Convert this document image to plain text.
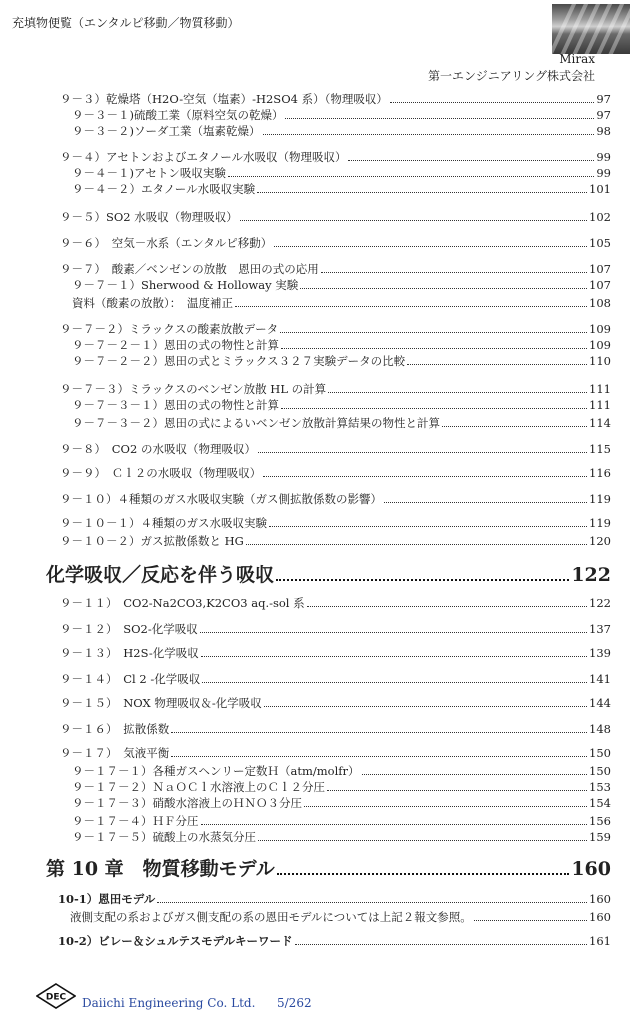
充填物便覧（エンタルピ移動／物質移動）
Mirax
第一エンジニアリング株式会社
９－３）乾燥塔（H2O-空気（塩素）-H2SO4 系）（物理吸収）	97
９－３－１)硫酸工業（原料空気の乾燥）	97
９－３－２)ソーダ工業（塩素乾燥）	98
９－４）アセトンおよびエタノール水吸収（物理吸収）	99
９－４－１)アセトン吸収実験	99
９－４－２）エタノール水吸収実験	101
９－５）SO2 水吸収（物理吸収）	102
９－６）　空気－水系（エンタルピ移動）	105
９－７）　酸素／ベンゼンの放散　恩田の式の応用	107
９－７－１）Sherwood & Holloway 実験	107
資料（酸素の放散）：　温度補正	108
９－７－２）ミラックスの酸素放散データ	109
９－７－２－１）恩田の式の物性と計算	109
９－７－２－２）恩田の式とミラックス３２７実験データの比較	110
９－７－３）ミラックスのベンゼン放散 HL の計算	111
９－７－３－１）恩田の式の物性と計算	111
９－７－３－２）恩田の式によるいベンゼン放散計算結果の物性と計算	114
９－８）　CO2 の水吸収（物理吸収）	115
９－９）　Ｃｌ２の水吸収（物理吸収）	116
９－１０）４種類のガス水吸収実験（ガス側拡散係数の影響）	119
９－１０－１）４種類のガス水吸収実験	119
９－１０－２）ガス拡散係数と HG	120
化学吸収／反応を伴う吸収	122
９－１１）　CO2-Na2CO3,K2CO3 aq.-sol 系	122
９－１２）　SO2-化学吸収	137
９－１３）　H2S-化学吸収	139
９－１４）　Cl 2 -化学吸収	141
９－１５）　NOX 物理吸収＆-化学吸収	144
９－１６）　拡散係数	148
９－１７）　気液平衡	150
９－１７－１）各種ガスヘンリー定数Ｈ（atm/molfr）	150
９－１７－２）ＮａＯＣｌ水溶液上のＣｌ２分圧	153
９－１７－３）硝酸水溶液上のＨＮＯ３分圧	154
９－１７－４）ＨＦ分圧	156
９－１７－５）硫酸上の水蒸気分圧	159
第 10 章　物質移動モデル	160
10-1）恩田モデル	160
液側支配の系およびガス側支配の系の恩田モデルについては上記２報文参照。	160
10-2）ビレー＆シュルテスモデルキーワード	161
DEC Daiichi Engineering Co. Ltd. 5/262
